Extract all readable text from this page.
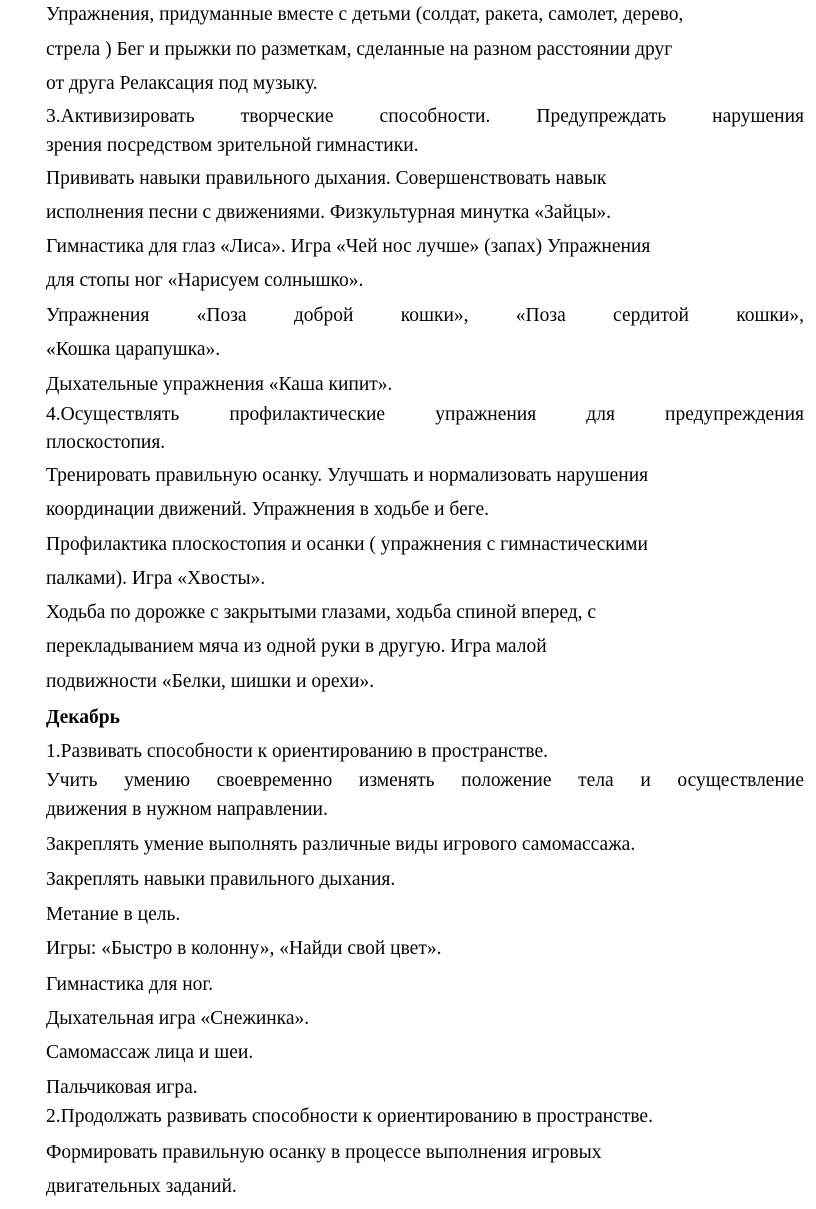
Упражнения, придуманные вместе с детьми (солдат, ракета, самолет, дерево,
стрела ) Бег и прыжки по разметкам, сделанные на разном расстоянии друг
от друга Релаксация под музыку.
3.Активизировать творческие способности. Предупреждать нарушения
зрения посредством зрительной гимнастики.
Прививать навыки правильного дыхания. Совершенствовать навык
исполнения песни с движениями. Физкультурная минутка «Зайцы».
Гимнастика для глаз «Лиса». Игра «Чей нос лучше» (запах) Упражнения
для стопы ног «Нарисуем солнышко».
Упражнения «Поза доброй кошки», «Поза сердитой кошки»,
«Кошка царапушка».
Дыхательные упражнения «Каша кипит».
4.Осуществлять профилактические упражнения для предупреждения
плоскостопия.
Тренировать правильную осанку. Улучшать и нормализовать нарушения
координации движений. Упражнения в ходьбе и беге.
Профилактика плоскостопия и осанки ( упражнения с гимнастическими
палками). Игра «Хвосты».
Ходьба по дорожке с закрытыми глазами, ходьба спиной вперед, с
перекладыванием мяча из одной руки в другую. Игра малой
подвижности «Белки, шишки и орехи».
Декабрь
1.Развивать способности к ориентированию в пространстве.
Учить умению своевременно изменять положение тела и осуществление
движения в нужном направлении.
Закреплять умение выполнять различные виды игрового самомассажа.
Закреплять навыки правильного дыхания.
Метание в цель.
Игры: «Быстро в колонну», «Найди свой цвет».
Гимнастика для ног.
Дыхательная игра «Снежинка».
Самомассаж лица и шеи.
Пальчиковая игра.
2.Продолжать развивать способности к ориентированию в пространстве.
Формировать правильную осанку в процессе выполнения игровых
двигательных заданий.
